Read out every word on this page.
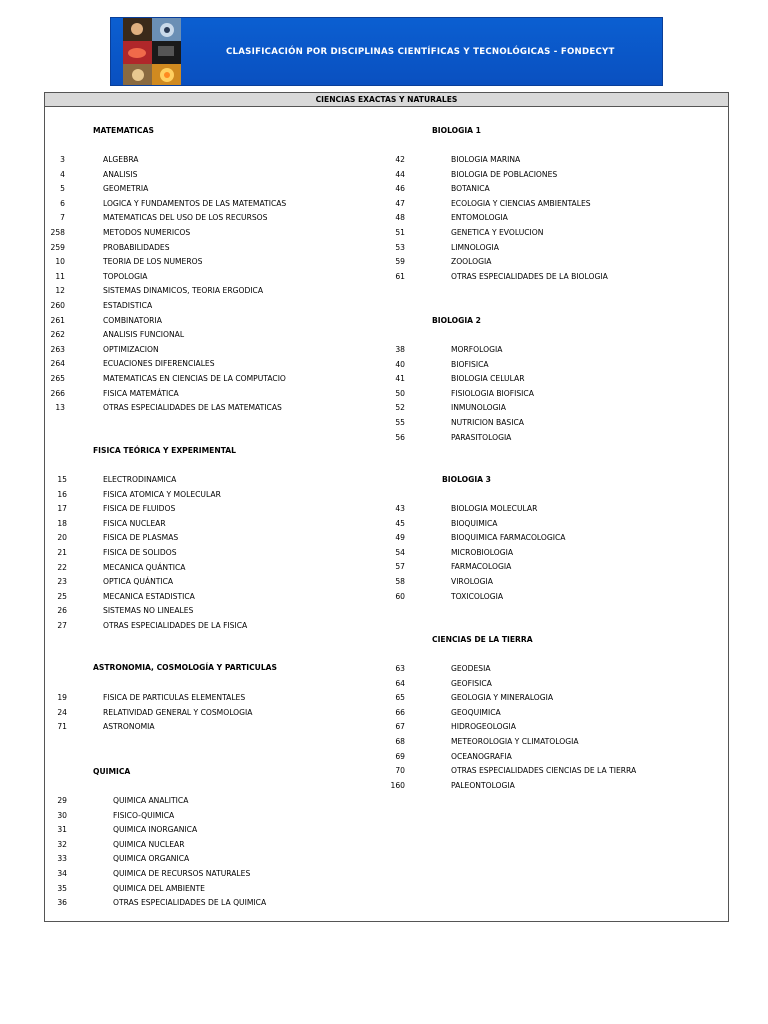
CLASIFICACIÓN POR DISCIPLINAS CIENTÍFICAS Y TECNOLÓGICAS - FONDECYT
CIENCIAS EXACTAS Y NATURALES
MATEMATICAS
3	ALGEBRA
4	ANALISIS
5	GEOMETRIA
6	LOGICA Y FUNDAMENTOS DE LAS MATEMATICAS
7	MATEMATICAS DEL USO DE LOS RECURSOS
258	METODOS NUMERICOS
259	PROBABILIDADES
10	TEORIA DE LOS NUMEROS
11	TOPOLOGIA
12	SISTEMAS DINAMICOS, TEORIA ERGODICA
260	ESTADISTICA
261	COMBINATORIA
262	ANALISIS FUNCIONAL
263	OPTIMIZACION
264	ECUACIONES DIFERENCIALES
265	MATEMATICAS EN CIENCIAS DE LA COMPUTACIO
266	FISICA MATEMÁTICA
13	OTRAS ESPECIALIDADES DE LAS MATEMATICAS
FISICA TEÓRICA Y EXPERIMENTAL
15	ELECTRODINAMICA
16	FISICA ATOMICA Y MOLECULAR
17	FISICA DE FLUIDOS
18	FISICA NUCLEAR
20	FISICA DE PLASMAS
21	FISICA DE SOLIDOS
22	MECANICA QUÁNTICA
23	OPTICA QUÁNTICA
25	MECANICA ESTADISTICA
26	SISTEMAS NO LINEALES
27	OTRAS ESPECIALIDADES DE LA FISICA
ASTRONOMIA, COSMOLOGÍA Y PARTICULAS
19	FISICA DE PARTICULAS ELEMENTALES
24	RELATIVIDAD GENERAL Y COSMOLOGIA
71	ASTRONOMIA
QUIMICA
29	QUIMICA ANALITICA
30	FISICO-QUIMICA
31	QUIMICA INORGANICA
32	QUIMICA NUCLEAR
33	QUIMICA ORGANICA
34	QUIMICA DE RECURSOS NATURALES
35	QUIMICA DEL AMBIENTE
36	OTRAS ESPECIALIDADES DE LA QUIMICA
BIOLOGIA 1
42	BIOLOGIA MARINA
44	BIOLOGIA DE POBLACIONES
46	BOTANICA
47	ECOLOGIA Y CIENCIAS AMBIENTALES
48	ENTOMOLOGIA
51	GENETICA Y EVOLUCION
53	LIMNOLOGIA
59	ZOOLOGIA
61	OTRAS ESPECIALIDADES DE LA BIOLOGIA
BIOLOGIA 2
38	MORFOLOGIA
40	BIOFISICA
41	BIOLOGIA CELULAR
50	FISIOLOGIA BIOFISICA
52	INMUNOLOGIA
55	NUTRICION BASICA
56	PARASITOLOGIA
BIOLOGIA 3
43	BIOLOGIA MOLECULAR
45	BIOQUIMICA
49	BIOQUIMICA FARMACOLOGICA
54	MICROBIOLOGIA
57	FARMACOLOGIA
58	VIROLOGIA
60	TOXICOLOGIA
CIENCIAS DE LA TIERRA
63	GEODESIA
64	GEOFISICA
65	GEOLOGIA Y MINERALOGIA
66	GEOQUIMICA
67	HIDROGEOLOGIA
68	METEOROLOGIA Y CLIMATOLOGIA
69	OCEANOGRAFIA
70	OTRAS ESPECIALIDADES CIENCIAS DE LA TIERRA
160	PALEONTOLOGIA
